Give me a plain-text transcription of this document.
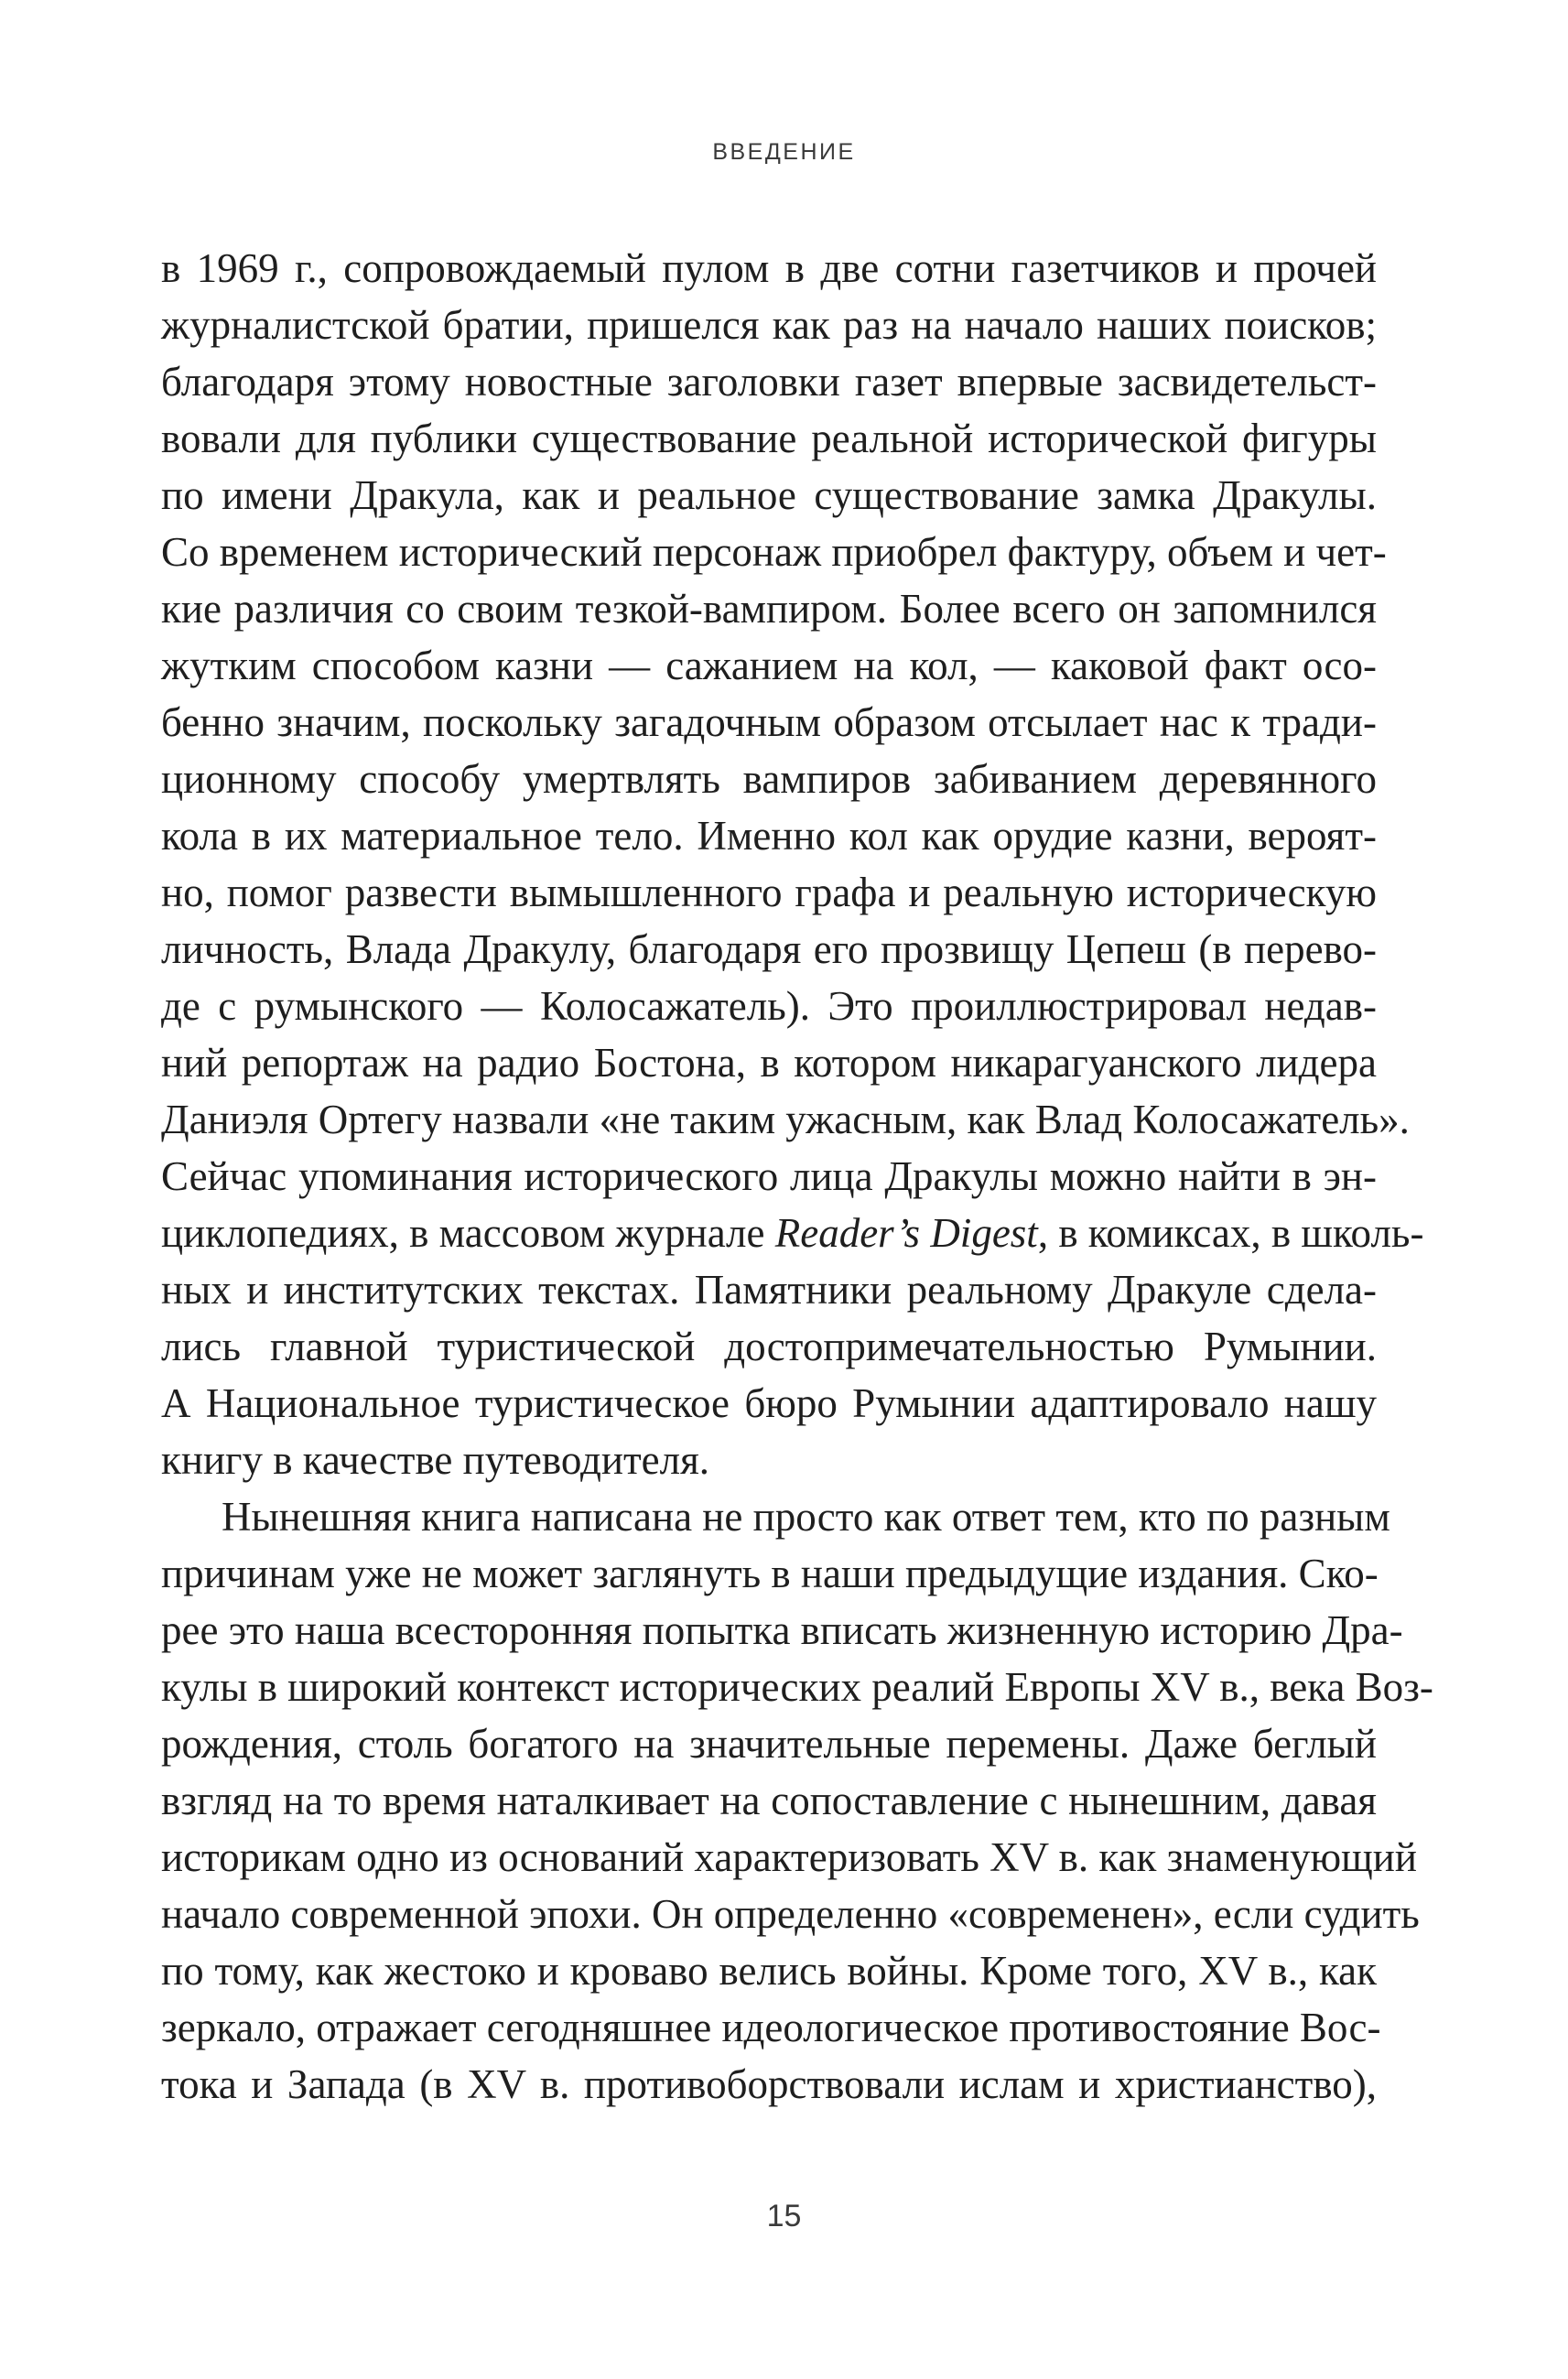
ВВЕДЕНИЕ
в 1969 г., сопровождаемый пулом в две сотни газетчиков и прочей
журналистской братии, пришелся как раз на начало наших поисков;
благодаря этому новостные заголовки газет впервые засвидетельст-
вовали для публики существование реальной исторической фигуры
по имени Дракула, как и реальное существование замка Дракулы.
Со временем исторический персонаж приобрел фактуру, объем и чет-
кие различия со своим тезкой-вампиром. Более всего он запомнился
жутким способом казни — сажанием на кол, — каковой факт осо-
бенно значим, поскольку загадочным образом отсылает нас к тради-
ционному способу умертвлять вампиров забиванием деревянного
кола в их материальное тело. Именно кол как орудие казни, вероят-
но, помог развести вымышленного графа и реальную историческую
личность, Влада Дракулу, благодаря его прозвищу Цепеш (в перево-
де с румынского — Колосажатель). Это проиллюстрировал недав-
ний репортаж на радио Бостона, в котором никарагуанского лидера
Даниэля Ортегу назвали «не таким ужасным, как Влад Колосажатель».
Сейчас упоминания исторического лица Дракулы можно найти в эн-
циклопедиях, в массовом журнале Reader’s Digest, в комиксах, в школь-
ных и институтских текстах. Памятники реальному Дракуле сдела-
лись главной туристической достопримечательностью Румынии.
А Национальное туристическое бюро Румынии адаптировало нашу
книгу в качестве путеводителя.
Нынешняя книга написана не просто как ответ тем, кто по разным
причинам уже не может заглянуть в наши предыдущие издания. Ско-
рее это наша всесторонняя попытка вписать жизненную историю Дра-
кулы в широкий контекст исторических реалий Европы XV в., века Воз-
рождения, столь богатого на значительные перемены. Даже беглый
взгляд на то время наталкивает на сопоставление с нынешним, давая
историкам одно из оснований характеризовать XV в. как знаменующий
начало современной эпохи. Он определенно «современен», если судить
по тому, как жестоко и кроваво велись войны. Кроме того, XV в., как
зеркало, отражает сегодняшнее идеологическое противостояние Вос-
тока и Запада (в XV в. противоборствовали ислам и христианство),
15
